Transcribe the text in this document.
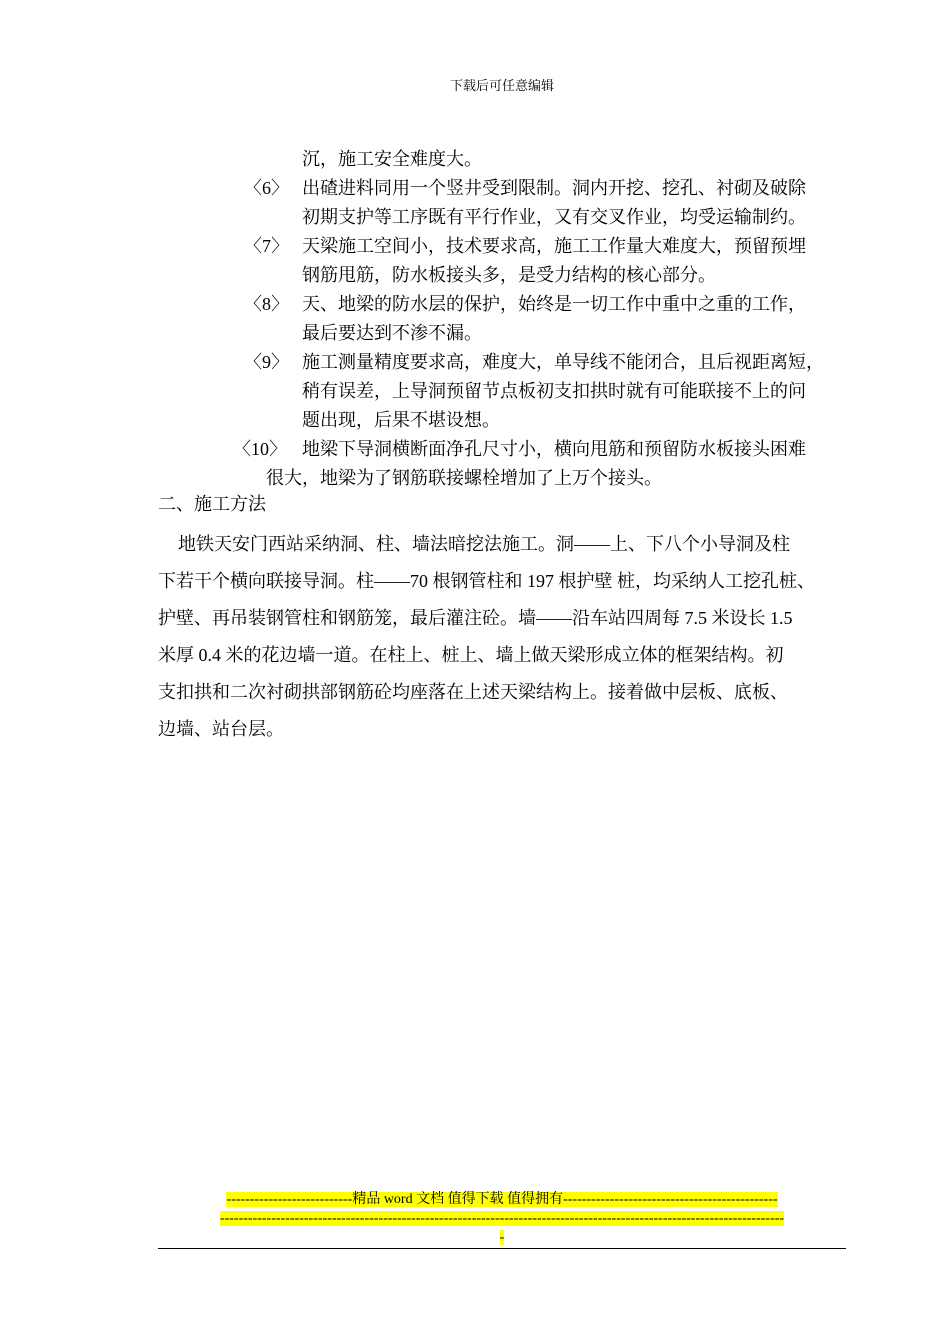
下载后可任意编辑
沉，施工安全难度大。
〈6〉 出碴进料同用一个竖井受到限制。洞内开挖、挖孔、衬砌及破除
初期支护等工序既有平行作业，又有交叉作业，均受运输制约。
〈7〉 天梁施工空间小，技术要求高，施工工作量大难度大，预留预埋
钢筋甩筋，防水板接头多，是受力结构的核心部分。
〈8〉 天、地梁的防水层的保护，始终是一切工作中重中之重的工作，
最后要达到不渗不漏。
〈9〉 施工测量精度要求高，难度大，单导线不能闭合，且后视距离短，
稍有误差，上导洞预留节点板初支扣拱时就有可能联接不上的问
题出现，后果不堪设想。
〈10〉 地梁下导洞横断面净孔尺寸小，横向甩筋和预留防水板接头困难
很大，地梁为了钢筋联接螺栓增加了上万个接头。
二、施工方法
地铁天安门西站采纳洞、柱、墙法暗挖法施工。洞——上、下八个小导洞及柱
下若干个横向联接导洞。柱——70 根钢管柱和 197 根护壁 桩，均采纳人工挖孔桩、
护壁、再吊装钢管柱和钢筋笼，最后灌注砼。墙——沿车站四周每 7.5 米设长 1.5
米厚 0.4 米的花边墙一道。在柱上、桩上、墙上做天梁形成立体的框架结构。初
支扣拱和二次衬砌拱部钢筋砼均座落在上述天梁结构上。接着做中层板、底板、
边墙、站台层。
---------------------------精品 word 文档 值得下载 值得拥有----------------------------------------------
-------------------------------------------------------------------------------------------------------------------------
-
